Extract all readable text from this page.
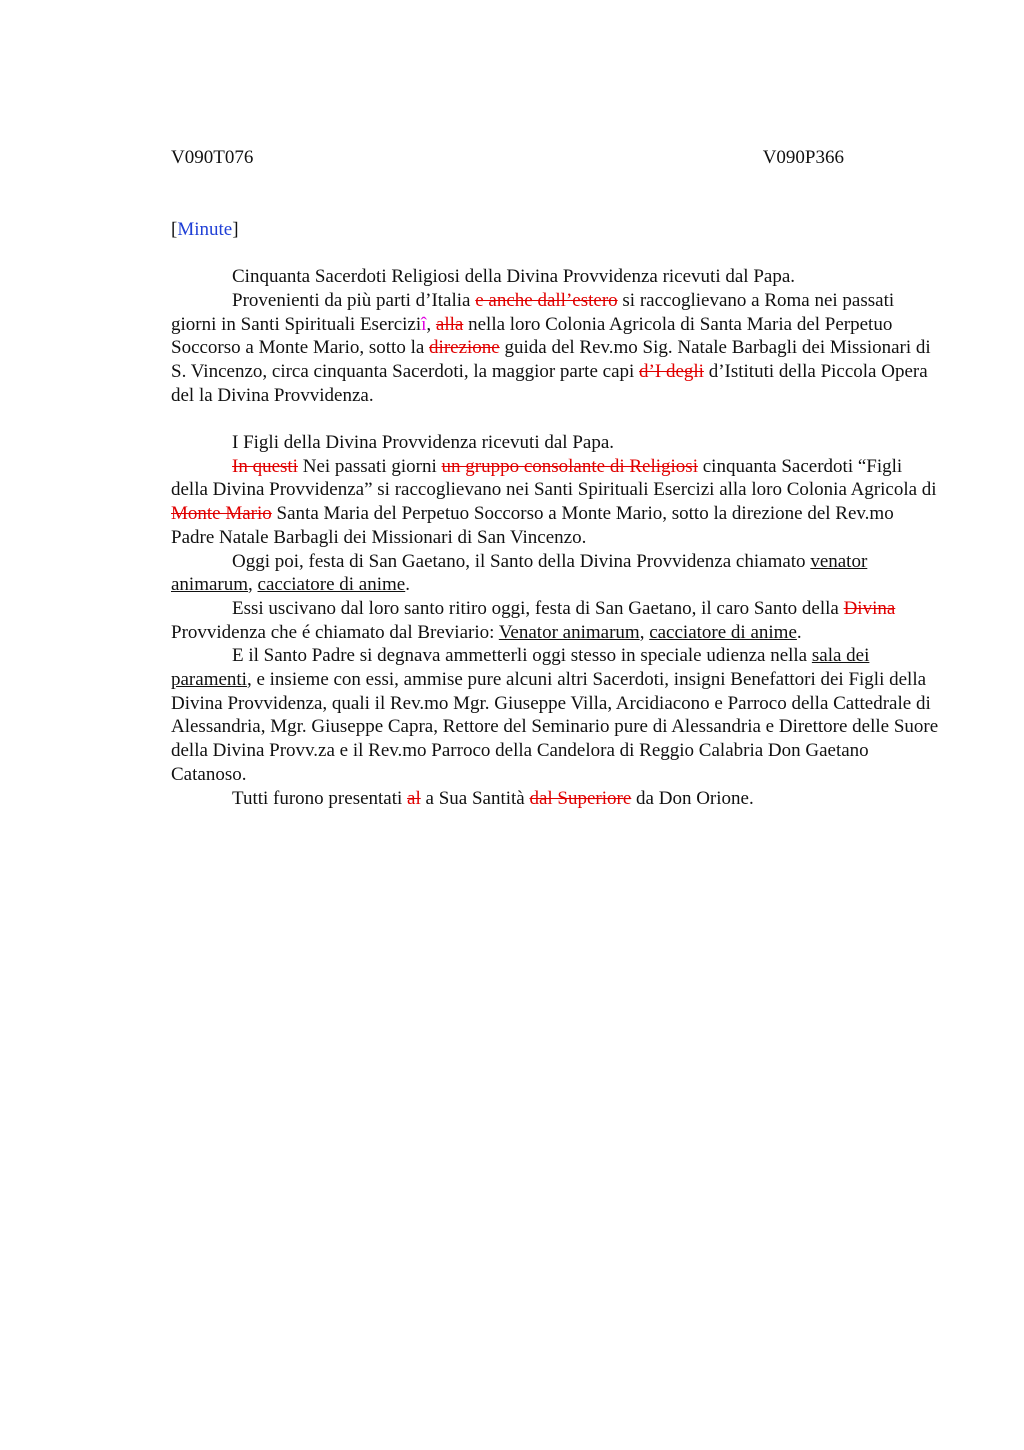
V090T076	V090P366
[Minute]

Cinquanta Sacerdoti Religiosi della Divina Provvidenza ricevuti dal Papa.

Provenienti da più parti d’Italia e anche dall’estero si raccoglievano a Roma nei passati giorni in Santi Spirituali Eserciziî, alla nella loro Colonia Agricola di Santa Maria del Perpetuo Soccorso a Monte Mario, sotto la direzione guida del Rev.mo Sig. Natale Barbagli dei Missionari di S. Vincenzo, circa cinquanta Sacerdoti, la maggior parte capi d’I degli d’Istituti della Piccola Opera del la Divina Provvidenza.

I Figli della Divina Provvidenza ricevuti dal Papa.

In questi Nei passati giorni un gruppo consolante di Religiosi cinquanta Sacerdoti “Figli della Divina Provvidenza” si raccoglievano nei Santi Spirituali Esercizi alla loro Colonia Agricola di Monte Mario Santa Maria del Perpetuo Soccorso a Monte Mario, sotto la direzione del Rev.mo Padre Natale Barbagli dei Missionari di San Vincenzo.

Oggi poi, festa di San Gaetano, il Santo della Divina Provvidenza chiamato venator animarum, cacciatore di anime.

Essi uscivano dal loro santo ritiro oggi, festa di San Gaetano, il caro Santo della Divina Provvidenza che é chiamato dal Breviario: Venator animarum, cacciatore di anime.

E il Santo Padre si degnava ammetterli oggi stesso in speciale udienza nella sala dei paramenti, e insieme con essi, ammise pure alcuni altri Sacerdoti, insigni Benefattori dei Figli della Divina Provvidenza, quali il Rev.mo Mgr. Giuseppe Villa, Arcidiacono e Parroco della Cattedrale di Alessandria, Mgr. Giuseppe Capra, Rettore del Seminario pure di Alessandria e Direttore delle Suore della Divina Provv.za e il Rev.mo Parroco della Candelora di Reggio Calabria Don Gaetano Catanoso.

Tutti furono presentati al a Sua Santità dal Superiore da Don Orione.
